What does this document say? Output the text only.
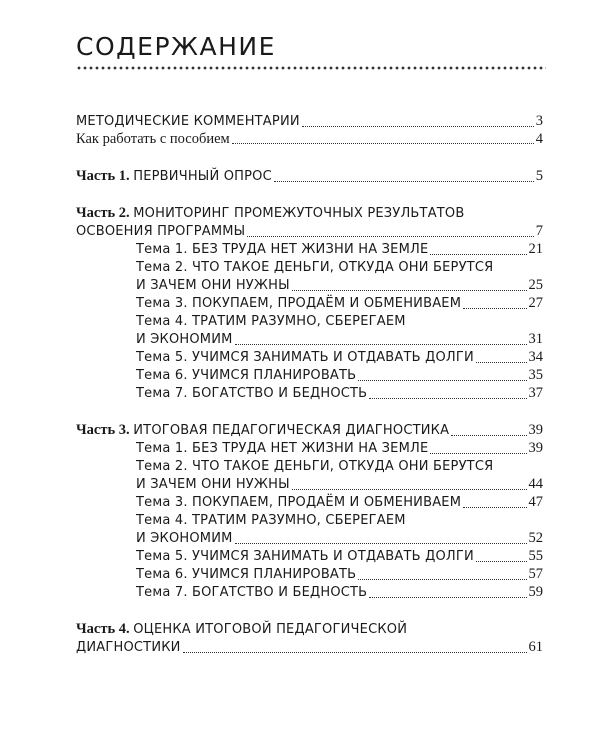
СОДЕРЖАНИЕ
МЕТОДИЧЕСКИЕ КОММЕНТАРИИ	3
Как работать с пособием	4
Часть 1. ПЕРВИЧНЫЙ ОПРОС	5
Часть 2. МОНИТОРИНГ ПРОМЕЖУТОЧНЫХ РЕЗУЛЬТАТОВ
ОСВОЕНИЯ ПРОГРАММЫ	7
Тема 1. БЕЗ ТРУДА НЕТ ЖИЗНИ НА ЗЕМЛЕ	21
Тема 2. ЧТО ТАКОЕ ДЕНЬГИ, ОТКУДА ОНИ БЕРУТСЯ
И ЗАЧЕМ ОНИ НУЖНЫ	25
Тема 3. ПОКУПАЕМ, ПРОДАЁМ И ОБМЕНИВАЕМ	27
Тема 4. ТРАТИМ РАЗУМНО, СБЕРЕГАЕМ
И ЭКОНОМИМ	31
Тема 5. УЧИМСЯ ЗАНИМАТЬ И ОТДАВАТЬ ДОЛГИ	34
Тема 6. УЧИМСЯ ПЛАНИРОВАТЬ	35
Тема 7. БОГАТСТВО И БЕДНОСТЬ	37
Часть 3. ИТОГОВАЯ ПЕДАГОГИЧЕСКАЯ ДИАГНОСТИКА	39
Тема 1. БЕЗ ТРУДА НЕТ ЖИЗНИ НА ЗЕМЛЕ	39
Тема 2. ЧТО ТАКОЕ ДЕНЬГИ, ОТКУДА ОНИ БЕРУТСЯ
И ЗАЧЕМ ОНИ НУЖНЫ	44
Тема 3. ПОКУПАЕМ, ПРОДАЁМ И ОБМЕНИВАЕМ	47
Тема 4. ТРАТИМ РАЗУМНО, СБЕРЕГАЕМ
И ЭКОНОМИМ	52
Тема 5. УЧИМСЯ ЗАНИМАТЬ И ОТДАВАТЬ ДОЛГИ	55
Тема 6. УЧИМСЯ ПЛАНИРОВАТЬ	57
Тема 7. БОГАТСТВО И БЕДНОСТЬ	59
Часть 4. ОЦЕНКА ИТОГОВОЙ ПЕДАГОГИЧЕСКОЙ
ДИАГНОСТИКИ	61
